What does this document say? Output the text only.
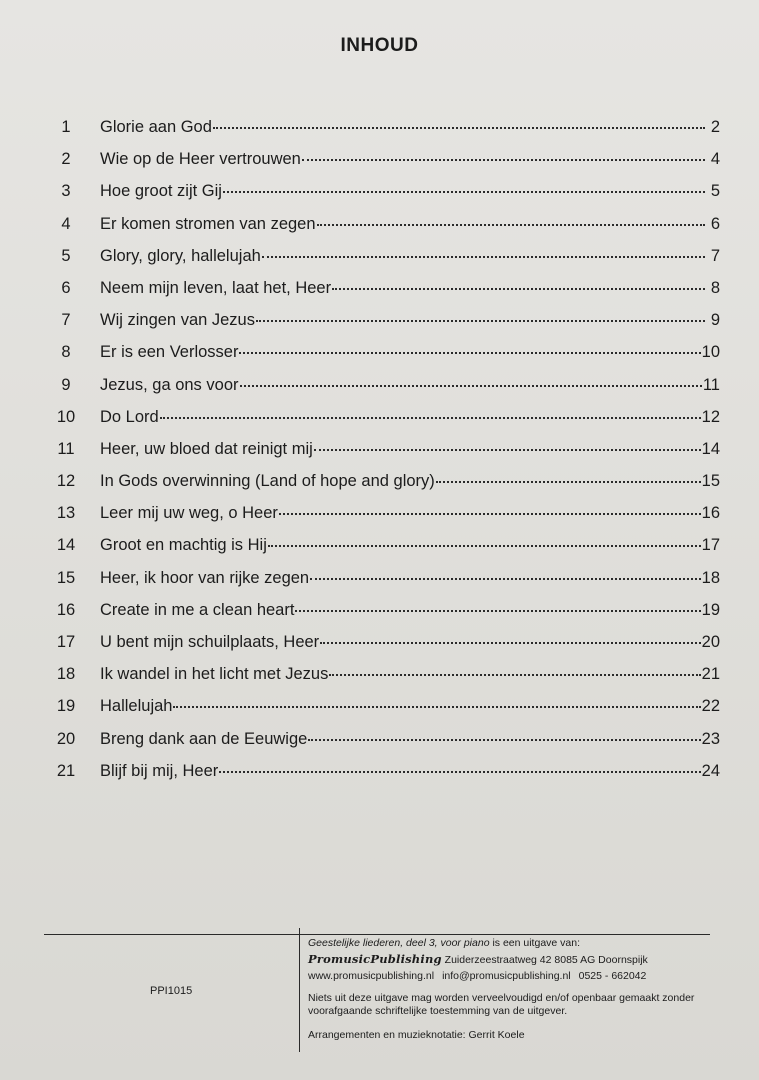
INHOUD
1	Glorie aan God	2
2	Wie op de Heer vertrouwen	4
3	Hoe groot zijt Gij	5
4	Er komen stromen van zegen	6
5	Glory, glory, hallelujah	7
6	Neem mijn leven, laat het, Heer	8
7	Wij zingen van Jezus	9
8	Er is een Verlosser	10
9	Jezus, ga ons voor	11
10	Do Lord	12
11	Heer, uw bloed dat reinigt mij	14
12	In Gods overwinning (Land of hope and glory)	15
13	Leer mij uw weg, o Heer	16
14	Groot en machtig is Hij	17
15	Heer, ik hoor van rijke zegen	18
16	Create in me a clean heart	19
17	U bent mijn schuilplaats, Heer	20
18	Ik wandel in het licht met Jezus	21
19	Hallelujah	22
20	Breng dank aan de Eeuwige	23
21	Blijf bij mij, Heer	24
PPI1015
Geestelijke liederen, deel 3, voor piano is een uitgave van:
PromusicPublishing Zuiderzeestraatweg 42 8085 AG Doornspijk
www.promusicpublishing.nl info@promusicpublishing.nl 0525 - 662042
Niets uit deze uitgave mag worden verveelvoudigd en/of openbaar gemaakt zonder voorafgaande schriftelijke toestemming van de uitgever.
Arrangementen en muzieknotatie: Gerrit Koele
